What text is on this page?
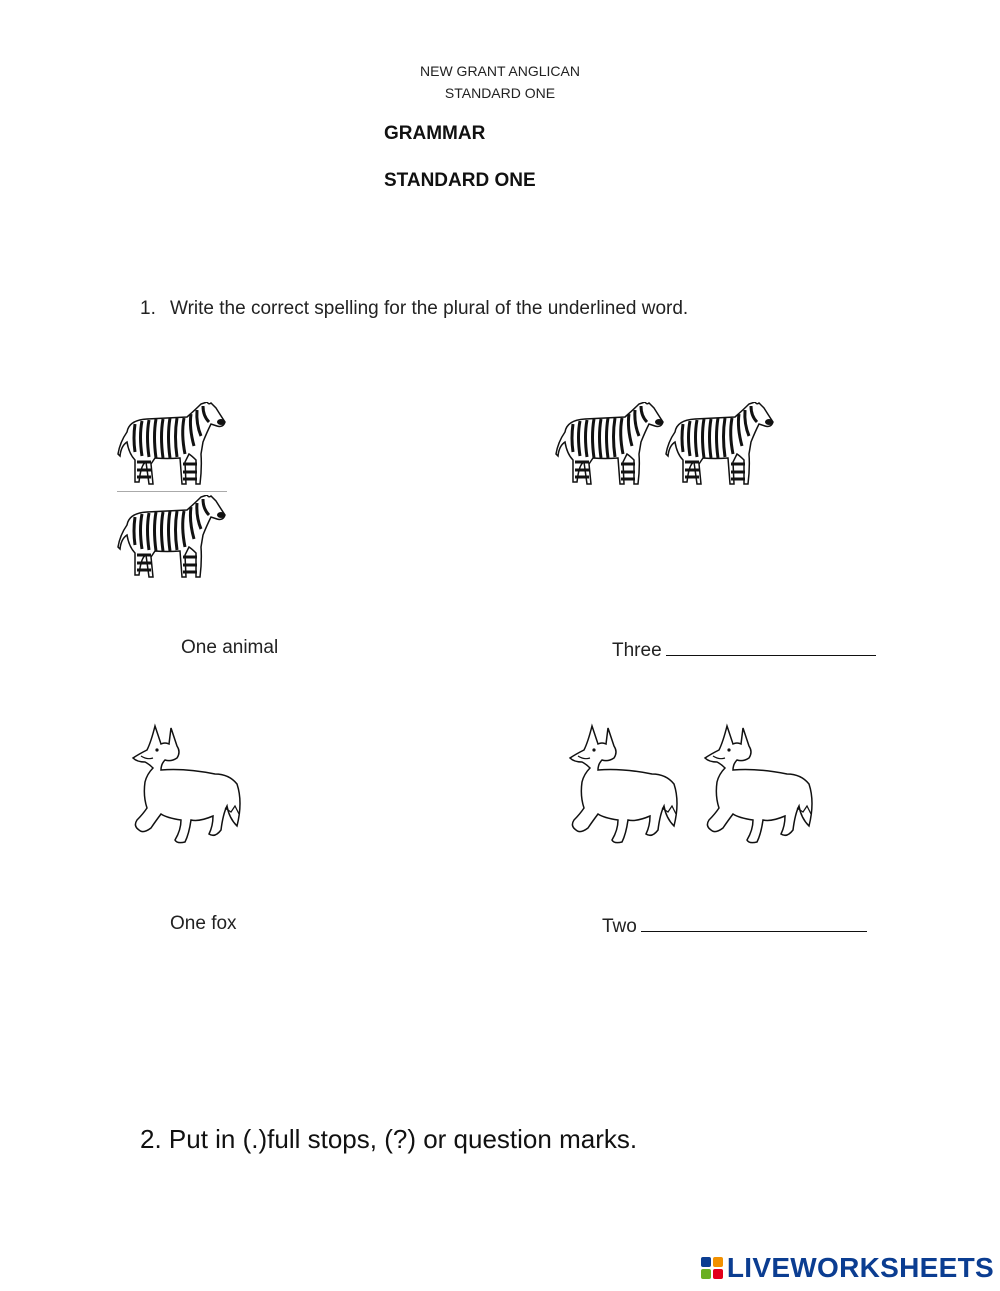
NEW GRANT ANGLICAN
STANDARD ONE
GRAMMAR
STANDARD ONE
1. Write the correct spelling for the plural of the underlined word.
One animal	Three
One fox	Two
2. Put in (.)full stops, (?) or question marks.
LIVEWORKSHEETS
